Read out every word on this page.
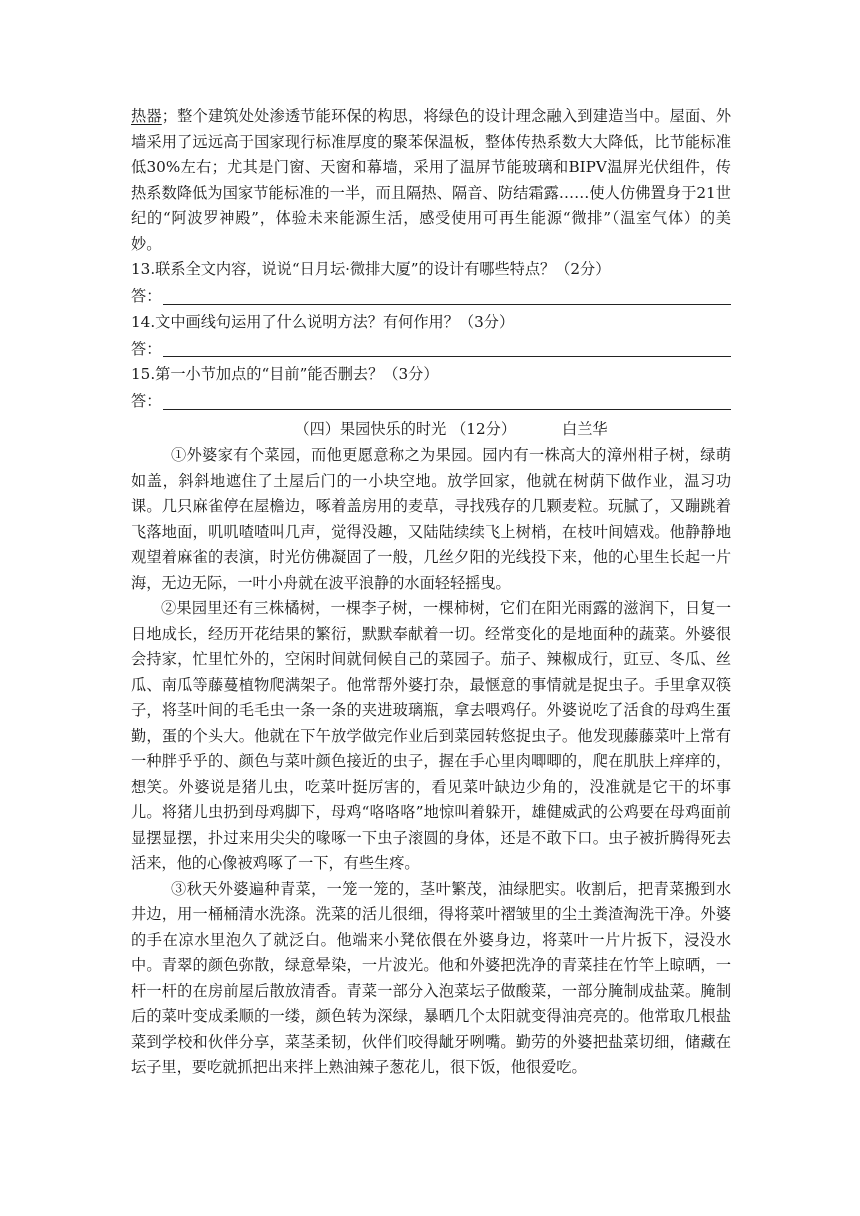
热器；整个建筑处处渗透节能环保的构思，将绿色的设计理念融入到建造当中。屋面、外墙采用了远远高于国家现行标准厚度的聚苯保温板，整体传热系数大大降低，比节能标准低30%左右；尤其是门窗、天窗和幕墙，采用了温屏节能玻璃和BIPV温屏光伏组件，传热系数降低为国家节能标准的一半，而且隔热、隔音、防结霜露……使人仿佛置身于21世纪的“阿波罗神殿”，体验未来能源生活，感受使用可再生能源“微排”（温室气体）的美妙。

13.联系全文内容，说说“日月坛·微排大厦”的设计有哪些特点？（2分）

答：

14.文中画线句运用了什么说明方法？有何作用？（3分）

答：

15.第一小节加点的“目前”能否删去？（3分）

答：
（四）果园快乐的时光 （12分）	白兰华

①外婆家有个菜园，而他更愿意称之为果园。园内有一株高大的漳州柑子树，绿萌如盖，斜斜地遮住了土屋后门的一小块空地。放学回家，他就在树荫下做作业，温习功课。几只麻雀停在屋檐边，啄着盖房用的麦草，寻找残存的几颗麦粒。玩腻了，又蹦跳着飞落地面，叽叽喳喳叫几声，觉得没趣，又陆陆续续飞上树梢，在枝叶间嬉戏。他静静地观望着麻雀的表演，时光仿佛凝固了一般，几丝夕阳的光线投下来，他的心里生长起一片海，无边无际，一叶小舟就在波平浪静的水面轻轻摇曳。

②果园里还有三株橘树，一棵李子树，一棵柿树，它们在阳光雨露的滋润下，日复一日地成长，经历开花结果的繁衍，默默奉献着一切。经常变化的是地面种的蔬菜。外婆很会持家，忙里忙外的，空闲时间就伺候自己的菜园子。茄子、辣椒成行，豇豆、冬瓜、丝瓜、南瓜等藤蔓植物爬满架子。他常帮外婆打杂，最惬意的事情就是捉虫子。手里拿双筷子，将茎叶间的毛毛虫一条一条的夹进玻璃瓶，拿去喂鸡仔。外婆说吃了活食的母鸡生蛋勤，蛋的个头大。他就在下午放学做完作业后到菜园转悠捉虫子。他发现藤藤菜叶上常有一种胖乎乎的、颜色与菜叶颜色接近的虫子，握在手心里肉唧唧的，爬在肌肤上痒痒的，想笑。外婆说是猪儿虫，吃菜叶挺厉害的，看见菜叶缺边少角的，没准就是它干的坏事儿。将猪儿虫扔到母鸡脚下，母鸡“咯咯咯”地惊叫着躲开，雄健威武的公鸡要在母鸡面前显摆显摆，扑过来用尖尖的喙啄一下虫子滚圆的身体，还是不敢下口。虫子被折腾得死去活来，他的心像被鸡啄了一下，有些生疼。

③秋天外婆遍种青菜，一笼一笼的，茎叶繁茂，油绿肥实。收割后，把青菜搬到水井边，用一桶桶清水洗涤。洗菜的活儿很细，得将菜叶褶皱里的尘土粪渣淘洗干净。外婆的手在凉水里泡久了就泛白。他端来小凳依偎在外婆身边，将菜叶一片片扳下，浸没水中。青翠的颜色弥散，绿意晕染，一片波光。他和外婆把洗净的青菜挂在竹竿上晾晒，一杆一杆的在房前屋后散放清香。青菜一部分入泡菜坛子做酸菜，一部分腌制成盐菜。腌制后的菜叶变成柔顺的一缕，颜色转为深绿，暴晒几个太阳就变得油亮亮的。他常取几根盐菜到学校和伙伴分享，菜茎柔韧，伙伴们咬得龇牙咧嘴。勤劳的外婆把盐菜切细，储藏在坛子里，要吃就抓把出来拌上熟油辣子葱花儿，很下饭，他很爱吃。
